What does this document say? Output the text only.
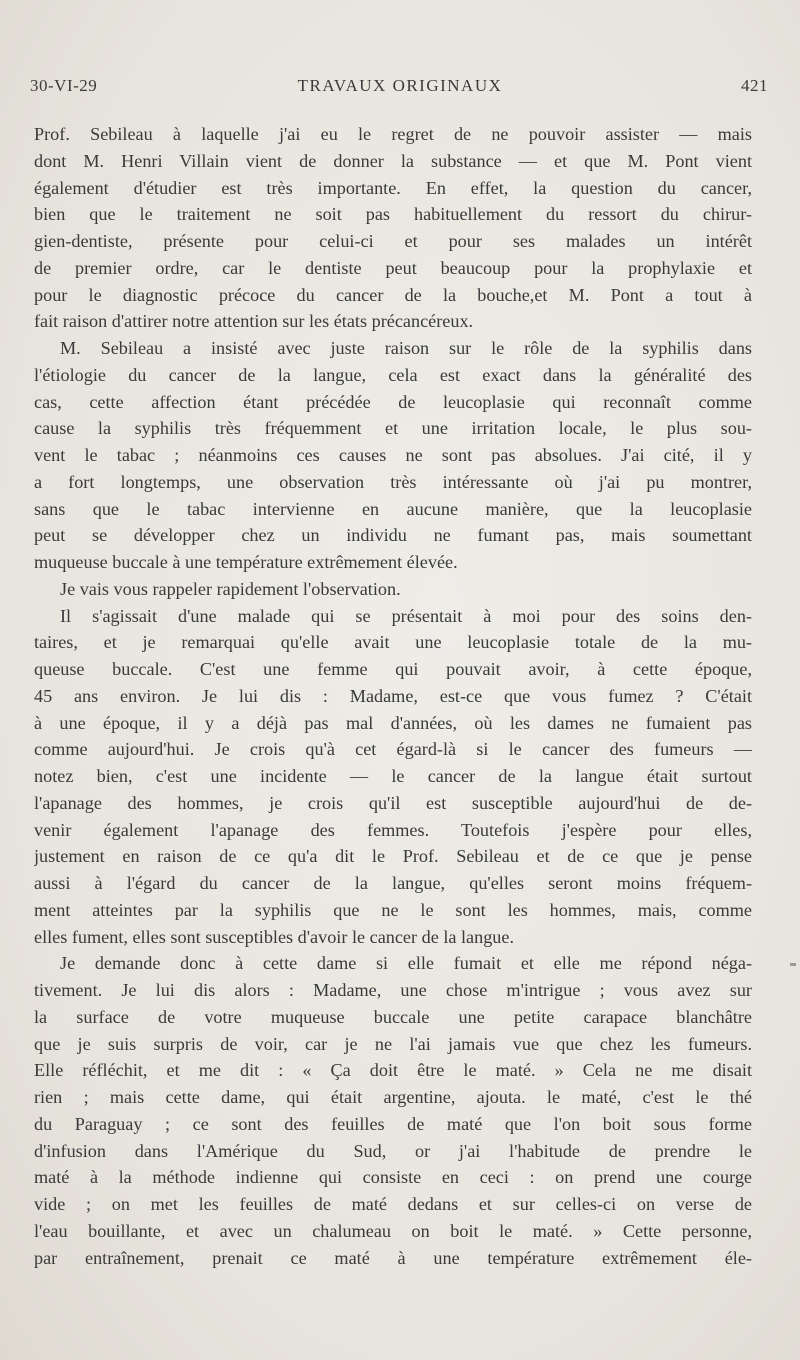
30-VI-29	TRAVAUX ORIGINAUX	421
Prof. Sebileau à laquelle j'ai eu le regret de ne pouvoir assister — mais
dont M. Henri Villain vient de donner la substance — et que M. Pont vient
également d'étudier est très importante. En effet, la question du cancer,
bien que le traitement ne soit pas habituellement du ressort du chirur-
gien-dentiste, présente pour celui-ci et pour ses malades un intérêt
de premier ordre, car le dentiste peut beaucoup pour la prophylaxie et
pour le diagnostic précoce du cancer de la bouche,et M. Pont a tout à
fait raison d'attirer notre attention sur les états précancéreux.
M. Sebileau a insisté avec juste raison sur le rôle de la syphilis dans
l'étiologie du cancer de la langue, cela est exact dans la généralité des
cas, cette affection étant précédée de leucoplasie qui reconnaît comme
cause la syphilis très fréquemment et une irritation locale, le plus sou-
vent le tabac ; néanmoins ces causes ne sont pas absolues. J'ai cité, il y
a fort longtemps, une observation très intéressante où j'ai pu montrer,
sans que le tabac intervienne en aucune manière, que la leucoplasie
peut se développer chez un individu ne fumant pas, mais soumettant
muqueuse buccale à une température extrêmement élevée.
Je vais vous rappeler rapidement l'observation.
Il s'agissait d'une malade qui se présentait à moi pour des soins den-
taires, et je remarquai qu'elle avait une leucoplasie totale de la mu-
queuse buccale. C'est une femme qui pouvait avoir, à cette époque,
45 ans environ. Je lui dis : Madame, est-ce que vous fumez ? C'était
à une époque, il y a déjà pas mal d'années, où les dames ne fumaient pas
comme aujourd'hui. Je crois qu'à cet égard-là si le cancer des fumeurs —
notez bien, c'est une incidente — le cancer de la langue était surtout
l'apanage des hommes, je crois qu'il est susceptible aujourd'hui de de-
venir également l'apanage des femmes. Toutefois j'espère pour elles,
justement en raison de ce qu'a dit le Prof. Sebileau et de ce que je pense
aussi à l'égard du cancer de la langue, qu'elles seront moins fréquem-
ment atteintes par la syphilis que ne le sont les hommes, mais, comme
elles fument, elles sont susceptibles d'avoir le cancer de la langue.
Je demande donc à cette dame si elle fumait et elle me répond néga-
tivement. Je lui dis alors : Madame, une chose m'intrigue ; vous avez sur
la surface de votre muqueuse buccale une petite carapace blanchâtre
que je suis surpris de voir, car je ne l'ai jamais vue que chez les fumeurs.
Elle réfléchit, et me dit : « Ça doit être le maté. » Cela ne me disait
rien ; mais cette dame, qui était argentine, ajouta. le maté, c'est le thé
du Paraguay ; ce sont des feuilles de maté que l'on boit sous forme
d'infusion dans l'Amérique du Sud, or j'ai l'habitude de prendre le
maté à la méthode indienne qui consiste en ceci : on prend une courge
vide ; on met les feuilles de maté dedans et sur celles-ci on verse de
l'eau bouillante, et avec un chalumeau on boit le maté. » Cette personne,
par entraînement, prenait ce maté à une température extrêmement éle-
